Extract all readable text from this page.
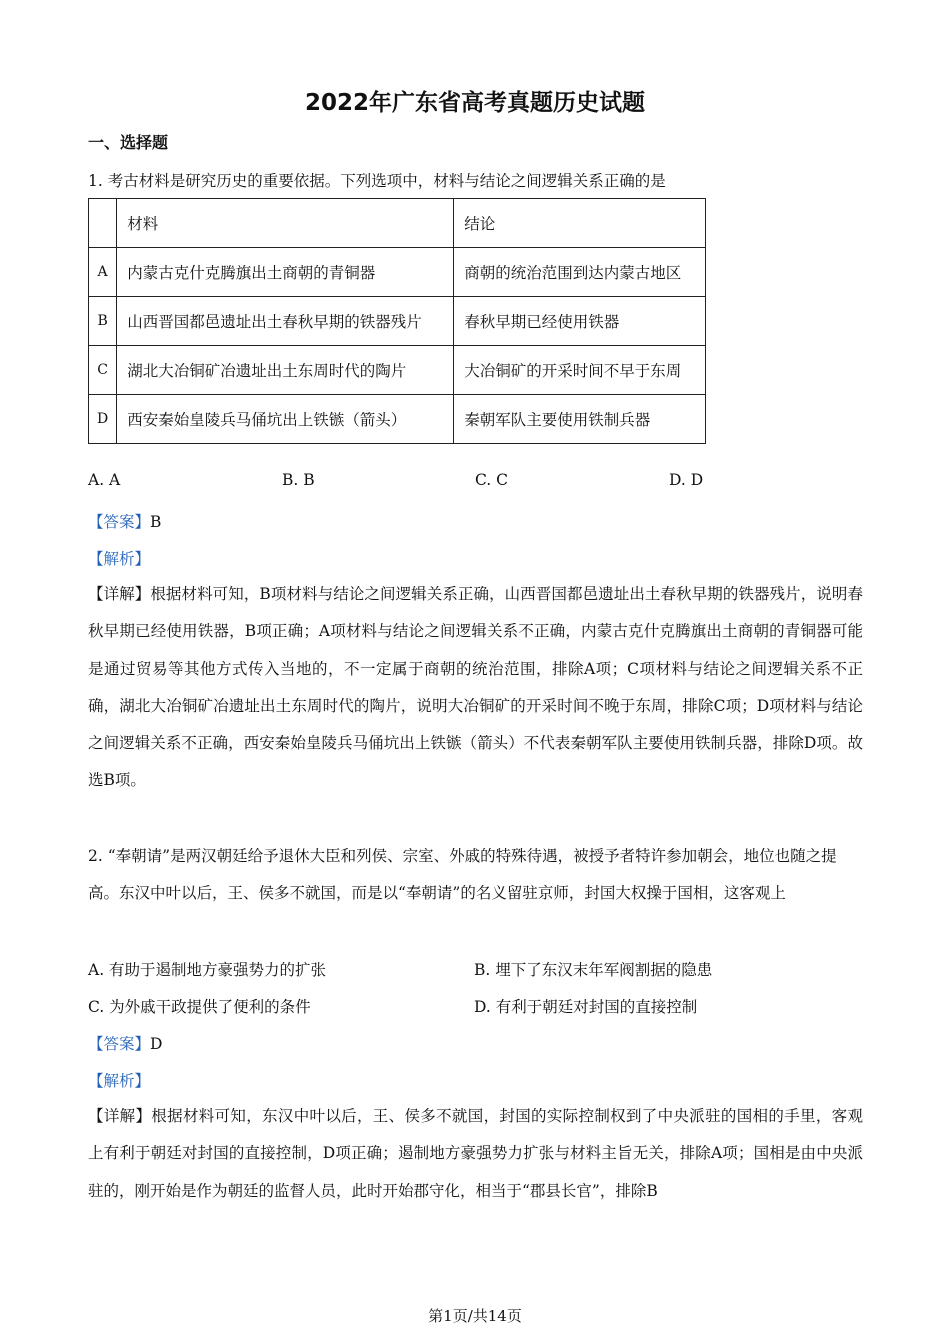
2022年广东省高考真题历史试题
一、选择题
1. 考古材料是研究历史的重要依据。下列选项中，材料与结论之间逻辑关系正确的是
	材料	结论
A	内蒙古克什克腾旗出土商朝的青铜器	商朝的统治范围到达内蒙古地区
B	山西晋国都邑遗址出土春秋早期的铁器残片	春秋早期已经使用铁器
C	湖北大冶铜矿冶遗址出土东周时代的陶片	大冶铜矿的开采时间不早于东周
D	西安秦始皇陵兵马俑坑出上铁镞（箭头）	秦朝军队主要使用铁制兵器
A. A	B. B	C. C	D. D
【答案】B
【解析】
【详解】根据材料可知，B项材料与结论之间逻辑关系正确，山西晋国都邑遗址出土春秋早期的铁器残片，说明春秋早期已经使用铁器，B项正确；A项材料与结论之间逻辑关系不正确，内蒙古克什克腾旗出土商朝的青铜器可能是通过贸易等其他方式传入当地的，不一定属于商朝的统治范围，排除A项；C项材料与结论之间逻辑关系不正确，湖北大冶铜矿冶遗址出土东周时代的陶片，说明大冶铜矿的开采时间不晚于东周，排除C项；D项材料与结论之间逻辑关系不正确，西安秦始皇陵兵马俑坑出上铁镞（箭头）不代表秦朝军队主要使用铁制兵器，排除D项。故选B项。
2. “奉朝请”是两汉朝廷给予退休大臣和列侯、宗室、外戚的特殊待遇，被授予者特许参加朝会，地位也随之提高。东汉中叶以后，王、侯多不就国，而是以“奉朝请”的名义留驻京师，封国大权操于国相，这客观上
A. 有助于遏制地方豪强势力的扩张	B. 埋下了东汉末年军阀割据的隐患
C. 为外戚干政提供了便利的条件	D. 有利于朝廷对封国的直接控制
【答案】D
【解析】
【详解】根据材料可知，东汉中叶以后，王、侯多不就国，封国的实际控制权到了中央派驻的国相的手里，客观上有利于朝廷对封国的直接控制，D项正确；遏制地方豪强势力扩张与材料主旨无关，排除A项；国相是由中央派驻的，刚开始是作为朝廷的监督人员，此时开始郡守化，相当于“郡县长官”，排除B
第1页/共14页
